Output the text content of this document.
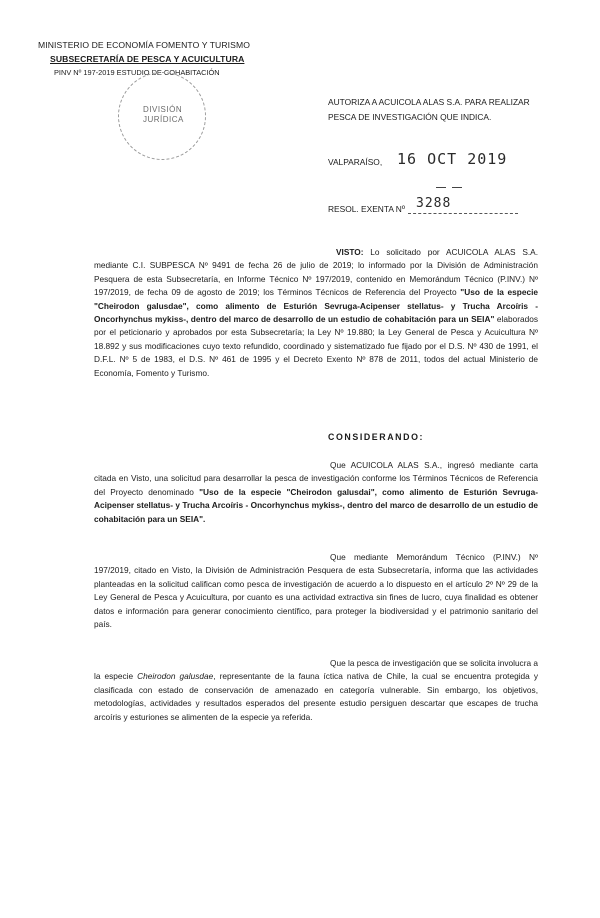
MINISTERIO DE ECONOMÍA FOMENTO Y TURISMO
SUBSECRETARÍA DE PESCA Y ACUICULTURA
PINV Nº 197-2019 ESTUDIO DE COHABITACIÓN
DIVISIÓN
JURÍDICA
AUTORIZA A ACUICOLA ALAS S.A. PARA REALIZAR
PESCA DE INVESTIGACIÓN QUE INDICA.
VALPARAÍSO, 16 OCT 2019
RESOL. EXENTA Nº 3288
VISTO: Lo solicitado por ACUICOLA ALAS S.A. mediante C.I. SUBPESCA Nº 9491 de fecha 26 de julio de 2019; lo informado por la División de Administración Pesquera de esta Subsecretaría, en Informe Técnico Nº 197/2019, contenido en Memorándum Técnico (P.INV.) Nº 197/2019, de fecha 09 de agosto de 2019; los Términos Técnicos de Referencia del Proyecto "Uso de la especie "Cheirodon galusdae", como alimento de Esturión Sevruga-Acipenser stellatus- y Trucha Arcoíris - Oncorhynchus mykiss-, dentro del marco de desarrollo de un estudio de cohabitación para un SEIA" elaborados por el peticionario y aprobados por esta Subsecretaría; la Ley Nº 19.880; la Ley General de Pesca y Acuicultura Nº 18.892 y sus modificaciones cuyo texto refundido, coordinado y sistematizado fue fijado por el D.S. Nº 430 de 1991, el D.F.L. Nº 5 de 1983, el D.S. Nº 461 de 1995 y el Decreto Exento Nº 878 de 2011, todos del actual Ministerio de Economía, Fomento y Turismo.
CONSIDERANDO:
Que ACUICOLA ALAS S.A., ingresó mediante carta citada en Visto, una solicitud para desarrollar la pesca de investigación conforme los Términos Técnicos de Referencia del Proyecto denominado "Uso de la especie "Cheirodon galusdai", como alimento de Esturión Sevruga-Acipenser stellatus- y Trucha Arcoíris - Oncorhynchus mykiss-, dentro del marco de desarrollo de un estudio de cohabitación para un SEIA".
Que mediante Memorándum Técnico (P.INV.) Nº 197/2019, citado en Visto, la División de Administración Pesquera de esta Subsecretaría, informa que las actividades planteadas en la solicitud califican como pesca de investigación de acuerdo a lo dispuesto en el artículo 2º Nº 29 de la Ley General de Pesca y Acuicultura, por cuanto es una actividad extractiva sin fines de lucro, cuya finalidad es obtener datos e información para generar conocimiento científico, para proteger la biodiversidad y el patrimonio sanitario del país.
Que la pesca de investigación que se solicita involucra a la especie Cheirodon galusdae, representante de la fauna íctica nativa de Chile, la cual se encuentra protegida y clasificada con estado de conservación de amenazado en categoría vulnerable. Sin embargo, los objetivos, metodologías, actividades y resultados esperados del presente estudio persiguen descartar que escapes de trucha arcoíris y esturiones se alimenten de la especie ya referida.
